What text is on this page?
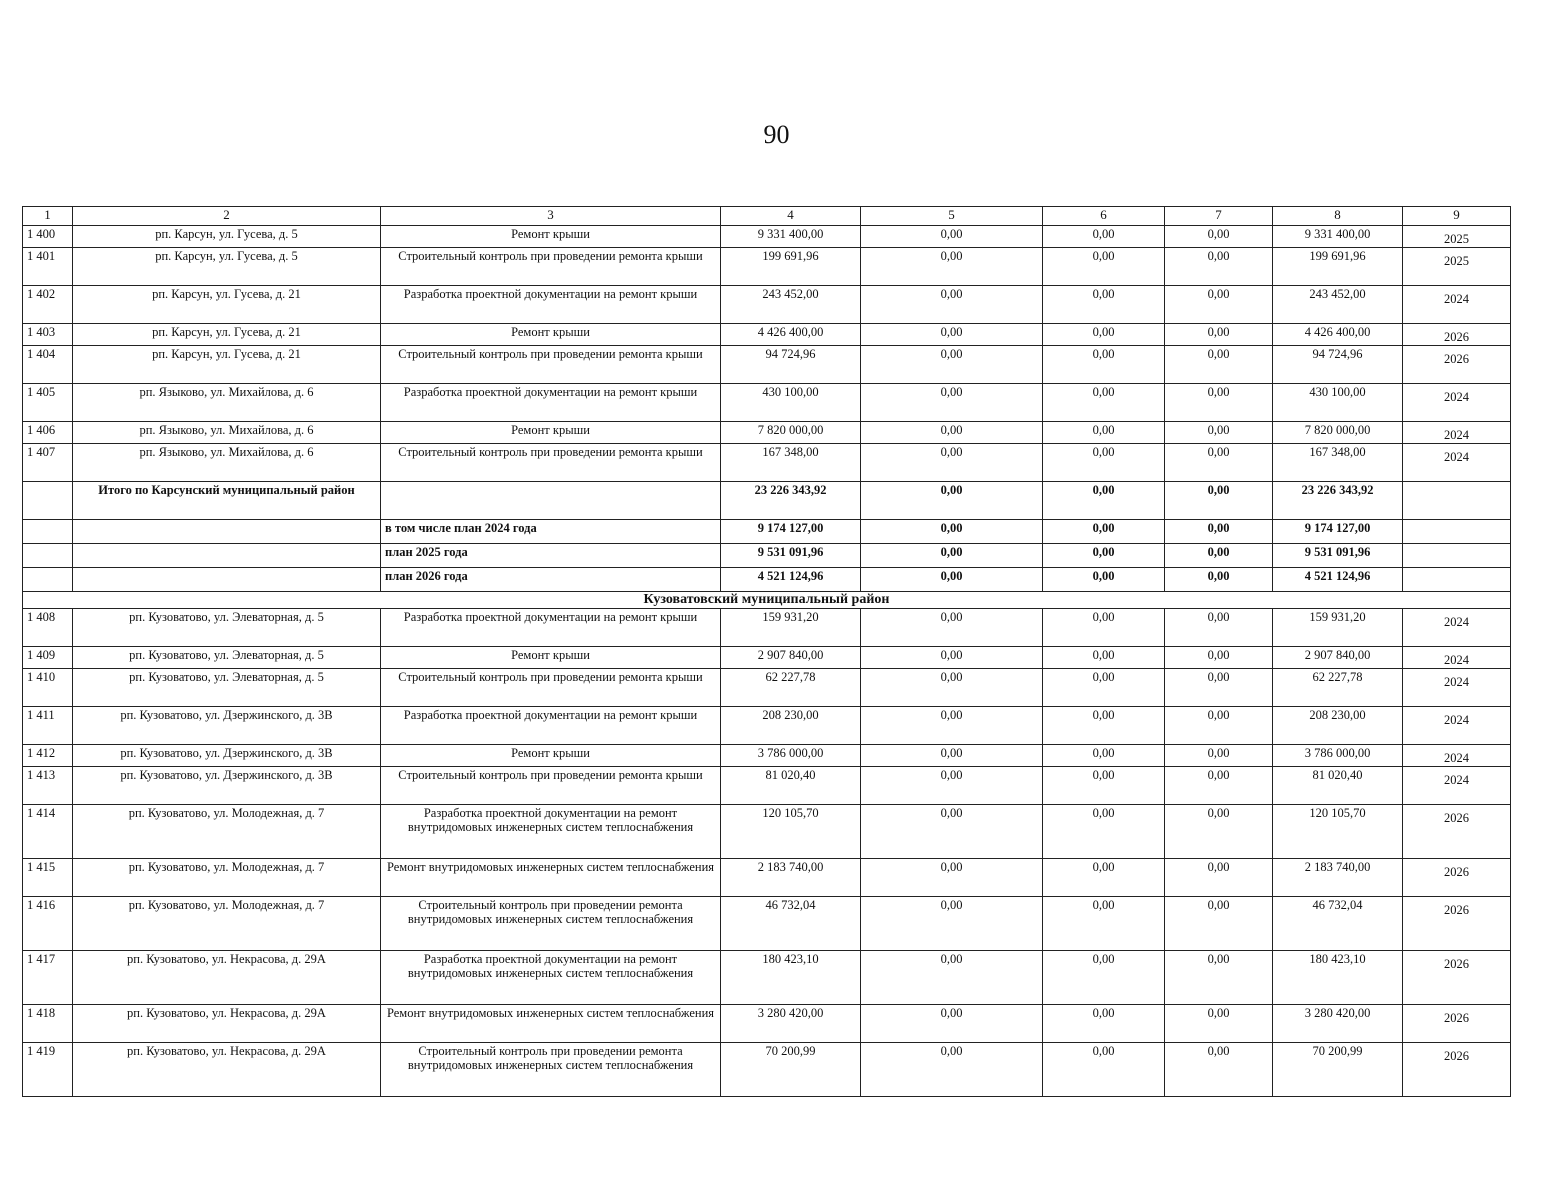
90
1	2	3	4	5	6	7	8	9
1 400	рп. Карсун, ул. Гусева, д. 5	Ремонт крыши	9 331 400,00	0,00	0,00	0,00	9 331 400,00	2025
1 401	рп. Карсун, ул. Гусева, д. 5	Строительный контроль при проведении ремонта крыши	199 691,96	0,00	0,00	0,00	199 691,96	2025
1 402	рп. Карсун, ул. Гусева, д. 21	Разработка проектной документации на ремонт крыши	243 452,00	0,00	0,00	0,00	243 452,00	2024
1 403	рп. Карсун, ул. Гусева, д. 21	Ремонт крыши	4 426 400,00	0,00	0,00	0,00	4 426 400,00	2026
1 404	рп. Карсун, ул. Гусева, д. 21	Строительный контроль при проведении ремонта крыши	94 724,96	0,00	0,00	0,00	94 724,96	2026
1 405	рп. Языково, ул. Михайлова, д. 6	Разработка проектной документации на ремонт крыши	430 100,00	0,00	0,00	0,00	430 100,00	2024
1 406	рп. Языково, ул. Михайлова, д. 6	Ремонт крыши	7 820 000,00	0,00	0,00	0,00	7 820 000,00	2024
1 407	рп. Языково, ул. Михайлова, д. 6	Строительный контроль при проведении ремонта крыши	167 348,00	0,00	0,00	0,00	167 348,00	2024
	Итого по Карсунский муниципальный район		23 226 343,92	0,00	0,00	0,00	23 226 343,92	
		в том числе план 2024 года	9 174 127,00	0,00	0,00	0,00	9 174 127,00	
		план 2025 года	9 531 091,96	0,00	0,00	0,00	9 531 091,96	
		план 2026 года	4 521 124,96	0,00	0,00	0,00	4 521 124,96	
Кузоватовский муниципальный район								
1 408	рп. Кузоватово, ул. Элеваторная, д. 5	Разработка проектной документации на ремонт крыши	159 931,20	0,00	0,00	0,00	159 931,20	2024
1 409	рп. Кузоватово, ул. Элеваторная, д. 5	Ремонт крыши	2 907 840,00	0,00	0,00	0,00	2 907 840,00	2024
1 410	рп. Кузоватово, ул. Элеваторная, д. 5	Строительный контроль при проведении ремонта крыши	62 227,78	0,00	0,00	0,00	62 227,78	2024
1 411	рп. Кузоватово, ул. Дзержинского, д. 3В	Разработка проектной документации на ремонт крыши	208 230,00	0,00	0,00	0,00	208 230,00	2024
1 412	рп. Кузоватово, ул. Дзержинского, д. 3В	Ремонт крыши	3 786 000,00	0,00	0,00	0,00	3 786 000,00	2024
1 413	рп. Кузоватово, ул. Дзержинского, д. 3В	Строительный контроль при проведении ремонта крыши	81 020,40	0,00	0,00	0,00	81 020,40	2024
1 414	рп. Кузоватово, ул. Молодежная, д. 7	Разработка проектной документации на ремонт внутридомовых инженерных систем теплоснабжения	120 105,70	0,00	0,00	0,00	120 105,70	2026
1 415	рп. Кузоватово, ул. Молодежная, д. 7	Ремонт внутридомовых инженерных систем теплоснабжения	2 183 740,00	0,00	0,00	0,00	2 183 740,00	2026
1 416	рп. Кузоватово, ул. Молодежная, д. 7	Строительный контроль при проведении ремонта внутридомовых инженерных систем теплоснабжения	46 732,04	0,00	0,00	0,00	46 732,04	2026
1 417	рп. Кузоватово, ул. Некрасова, д. 29А	Разработка проектной документации на ремонт внутридомовых инженерных систем теплоснабжения	180 423,10	0,00	0,00	0,00	180 423,10	2026
1 418	рп. Кузоватово, ул. Некрасова, д. 29А	Ремонт внутридомовых инженерных систем теплоснабжения	3 280 420,00	0,00	0,00	0,00	3 280 420,00	2026
1 419	рп. Кузоватово, ул. Некрасова, д. 29А	Строительный контроль при проведении ремонта внутридомовых инженерных систем теплоснабжения	70 200,99	0,00	0,00	0,00	70 200,99	2026
